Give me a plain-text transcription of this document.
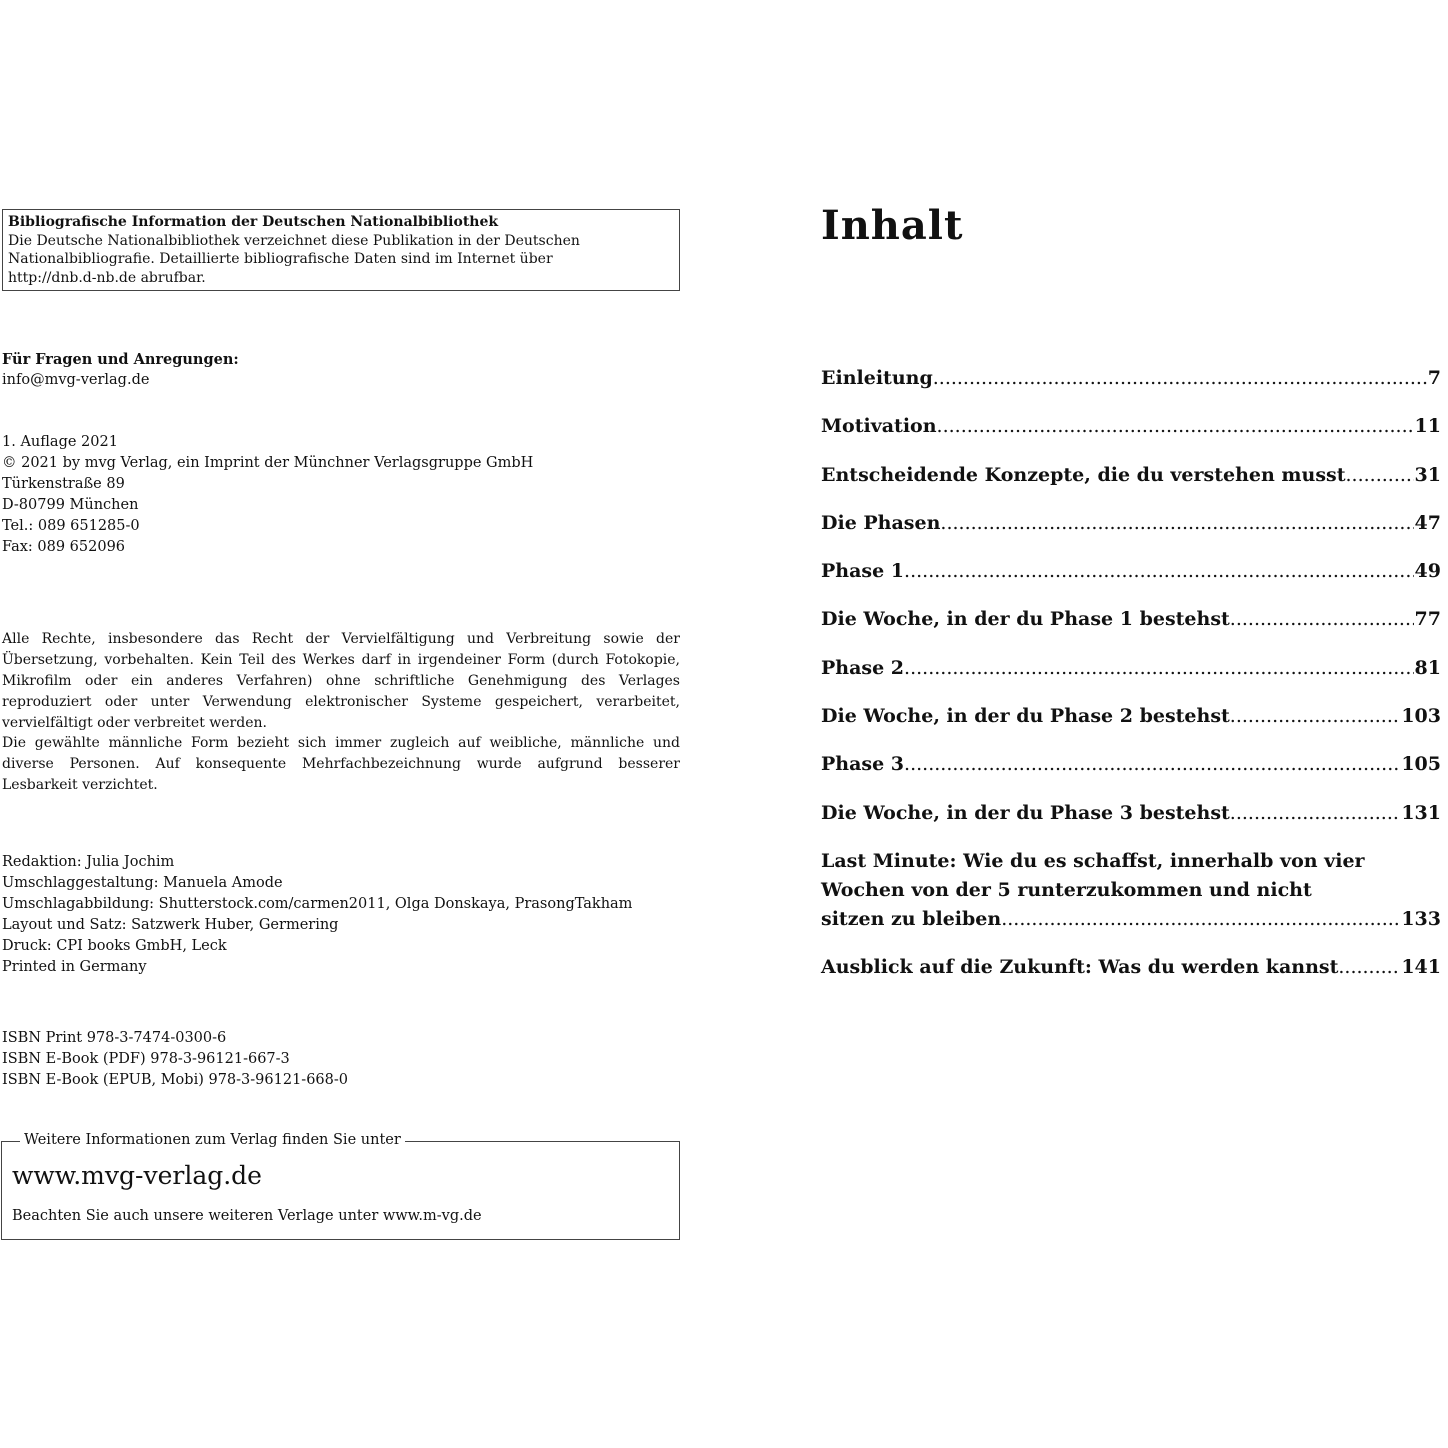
Bibliografische Information der Deutschen Nationalbibliothek
Die Deutsche Nationalbibliothek verzeichnet diese Publikation in der Deutschen
Nationalbibliografie. Detaillierte bibliografische Daten sind im Internet über
http://dnb.d-nb.de abrufbar.
Für Fragen und Anregungen:
info@mvg-verlag.de
1. Auflage 2021
© 2021 by mvg Verlag, ein Imprint der Münchner Verlagsgruppe GmbH
Türkenstraße 89
D-80799 München
Tel.: 089 651285-0
Fax: 089 652096
Alle Rechte, insbesondere das Recht der Vervielfältigung und Verbreitung sowie der Übersetzung, vorbehalten. Kein Teil des Werkes darf in irgendeiner Form (durch Fotokopie, Mikrofilm oder ein anderes Verfahren) ohne schriftliche Genehmigung des Verlages reproduziert oder unter Verwendung elektronischer Systeme gespeichert, verarbeitet, vervielfältigt oder verbreitet werden.
Die gewählte männliche Form bezieht sich immer zugleich auf weibliche, männliche und diverse Personen. Auf konsequente Mehrfachbezeichnung wurde aufgrund besserer Lesbarkeit verzichtet.
Redaktion: Julia Jochim
Umschlaggestaltung: Manuela Amode
Umschlagabbildung: Shutterstock.com/carmen2011, Olga Donskaya, PrasongTakham
Layout und Satz: Satzwerk Huber, Germering
Druck: CPI books GmbH, Leck
Printed in Germany
ISBN Print 978-3-7474-0300-6
ISBN E-Book (PDF) 978-3-96121-667-3
ISBN E-Book (EPUB, Mobi) 978-3-96121-668-0
Weitere Informationen zum Verlag finden Sie unter
www.mvg-verlag.de
Beachten Sie auch unsere weiteren Verlage unter www.m-vg.de
Inhalt
Einleitung .....	7
Motivation .....	11
Entscheidende Konzepte, die du verstehen musst .....	31
Die Phasen .....	47
Phase 1 .....	49
Die Woche, in der du Phase 1 bestehst .....	77
Phase 2 .....	81
Die Woche, in der du Phase 2 bestehst .....	103
Phase 3 .....	105
Die Woche, in der du Phase 3 bestehst .....	131
Last Minute: Wie du es schaffst, innerhalb von vier
Wochen von der 5 runterzukommen und nicht
sitzen zu bleiben .....	133
Ausblick auf die Zukunft: Was du werden kannst .....	141
